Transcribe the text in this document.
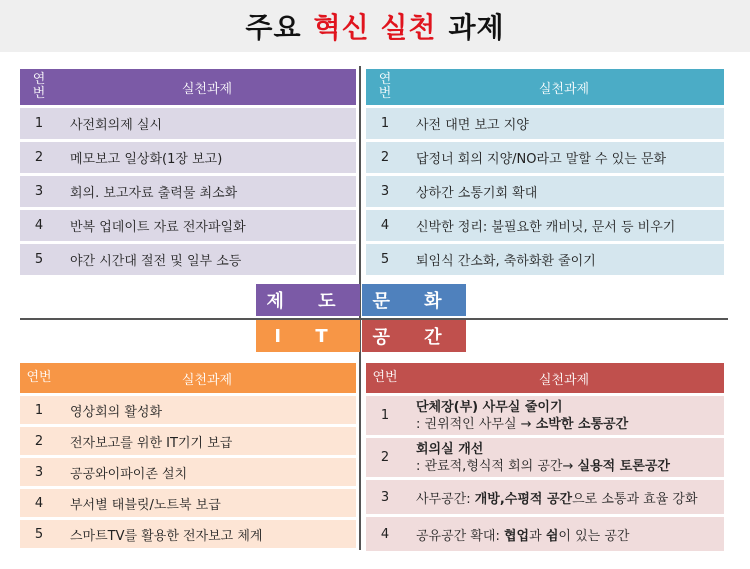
주요 혁신 실천 과제
연
번	실천과제
1	사전회의제 실시
2	메모보고 일상화(1장 보고)
3	회의. 보고자료 출력물 최소화
4	반복 업데이트 자료 전자파일화
5	야간 시간대 절전 및 일부 소등
연
번	실천과제
1	사전 대면 보고 지양
2	답정너 회의 지양/NO라고 말할 수 있는 문화
3	상하간 소통기회 확대
4	신박한 정리: 불필요한 캐비닛, 문서 등 비우기
5	퇴임식 간소화, 축하화환 줄이기
제 도	문 화
I T	공 간
연번	실천과제
1	영상회의 활성화
2	전자보고를 위한 IT기기 보급
3	공공와이파이존 설치
4	부서별 태블릿/노트북 보급
5	스마트TV를 활용한 전자보고 체계
연번	실천과제
1	단체장(부) 사무실 줄이기
: 권위적인 사무실 → 소박한 소통공간
2	회의실 개선
: 관료적,형식적 회의 공간→ 실용적 토론공간
3	사무공간: 개방,수평적 공간으로 소통과 효율 강화
4	공유공간 확대: 협업과 쉼이 있는 공간
